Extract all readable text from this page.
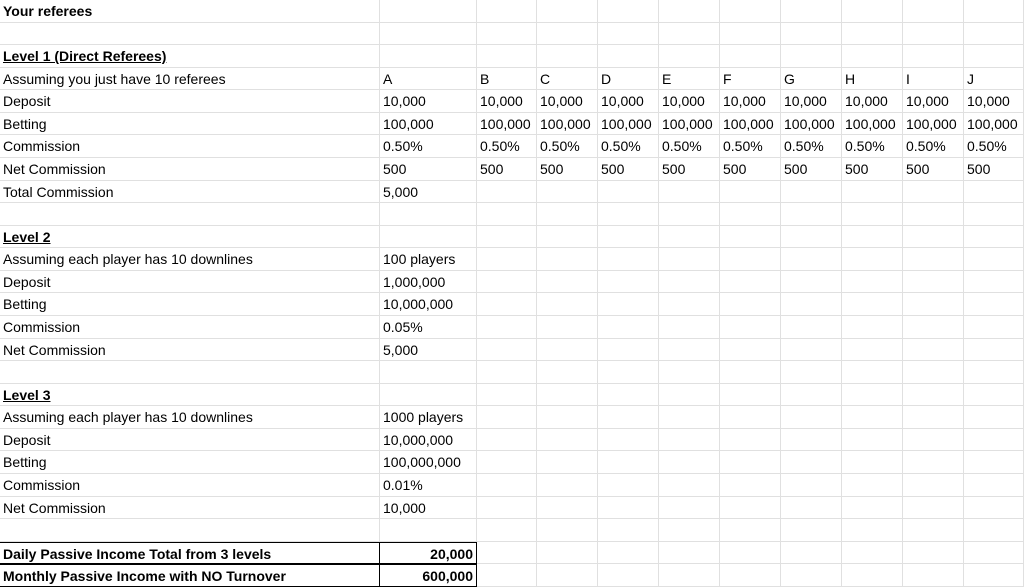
Your referees
Level 1 (Direct Referees)
Assuming you just have 10 referees	A	B	C	D	E	F	G	H	I	J
Deposit	10,000	10,000	10,000	10,000	10,000	10,000	10,000	10,000	10,000	10,000
Betting	100,000	100,000 100,000 100,000 100,000 100,000 100,000 100,000 100,000 100,000
Commission	0.50%	0.50%	0.50%	0.50%	0.50%	0.50%	0.50%	0.50%	0.50%	0.50%
Net Commission	500	500	500	500	500	500	500	500	500	500
Total Commission	5,000
Level 2
Assuming each player has 10 downlines	100 players
Deposit	1,000,000
Betting	10,000,000
Commission	0.05%
Net Commission	5,000
Level 3
Assuming each player has 10 downlines	1000 players
Deposit	10,000,000
Betting	100,000,000
Commission	0.01%
Net Commission	10,000
Daily Passive Income Total from 3 levels	20,000
Monthly Passive Income with NO Turnover	600,000
